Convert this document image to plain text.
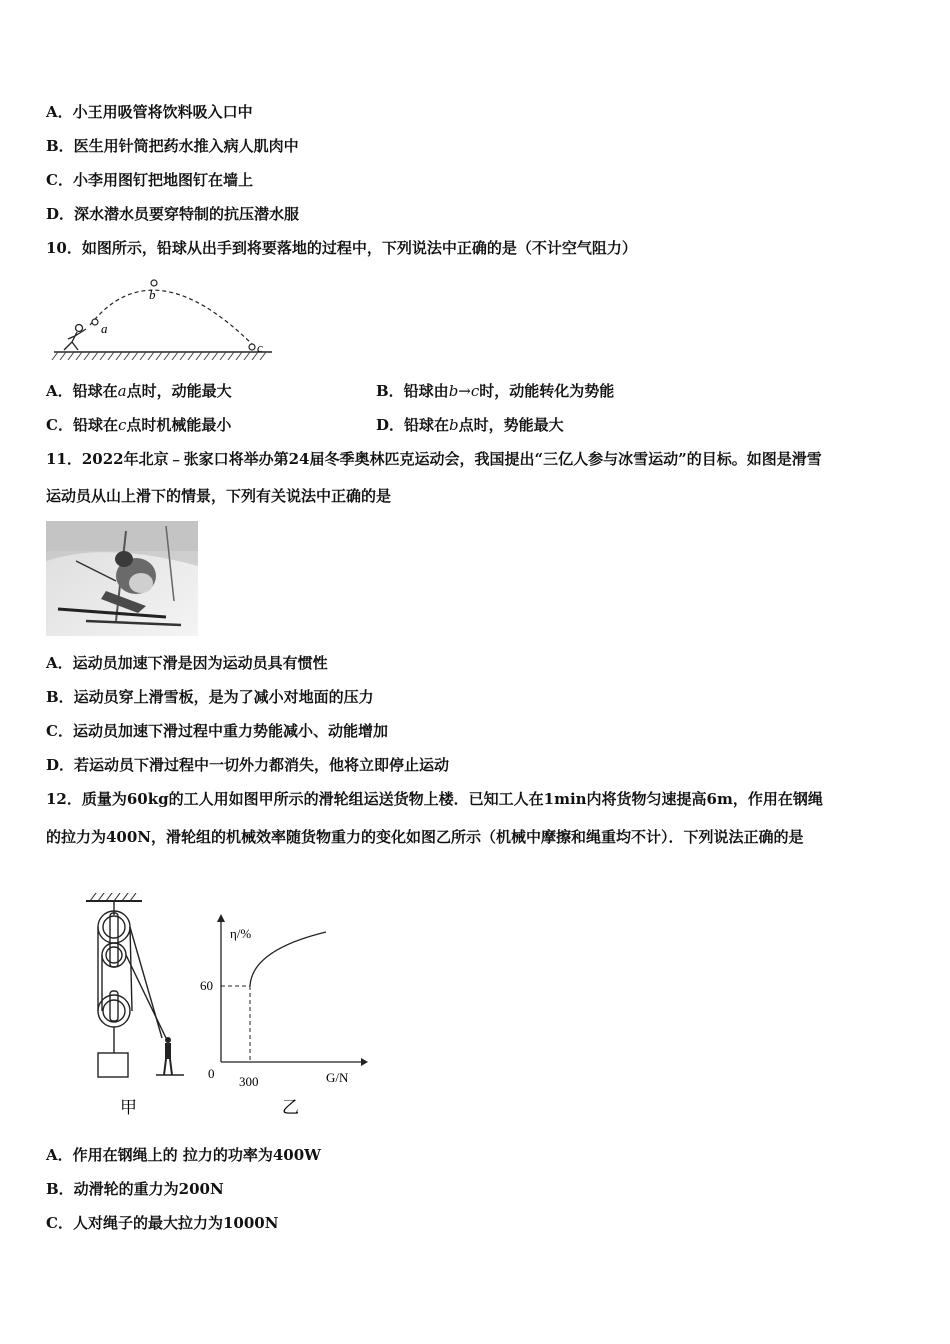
A．小王用吸管将饮料吸入口中
B．医生用针筒把药水推入病人肌肉中
C．小李用图钉把地图钉在墙上
D．深水潜水员要穿特制的抗压潜水服
10．如图所示，铅球从出手到将要落地的过程中，下列说法中正确的是（不计空气阻力）
a
b
c
A．铅球在a点时，动能最大	B．铅球由b→c时，动能转化为势能
C．铅球在c点时机械能最小	D．铅球在b点时，势能最大
11．2022年北京﹣张家口将举办第24届冬季奥林匹克运动会，我国提出“三亿人参与冰雪运动”的目标。如图是滑雪
运动员从山上滑下的情景，下列有关说法中正确的是
A．运动员加速下滑是因为运动员具有惯性
B．运动员穿上滑雪板，是为了减小对地面的压力
C．运动员加速下滑过程中重力势能减小、动能增加
D．若运动员下滑过程中一切外力都消失，他将立即停止运动
12．质量为60kg的工人用如图甲所示的滑轮组运送货物上楼．已知工人在1min内将货物匀速提高6m，作用在钢绳
的拉力为400N，滑轮组的机械效率随货物重力的变化如图乙所示（机械中摩擦和绳重均不计）．下列说法正确的是
甲
η/%
G/N
60
300
0
乙
A．作用在钢绳上的 拉力的功率为400W
B．动滑轮的重力为200N
C．人对绳子的最大拉力为1000N
